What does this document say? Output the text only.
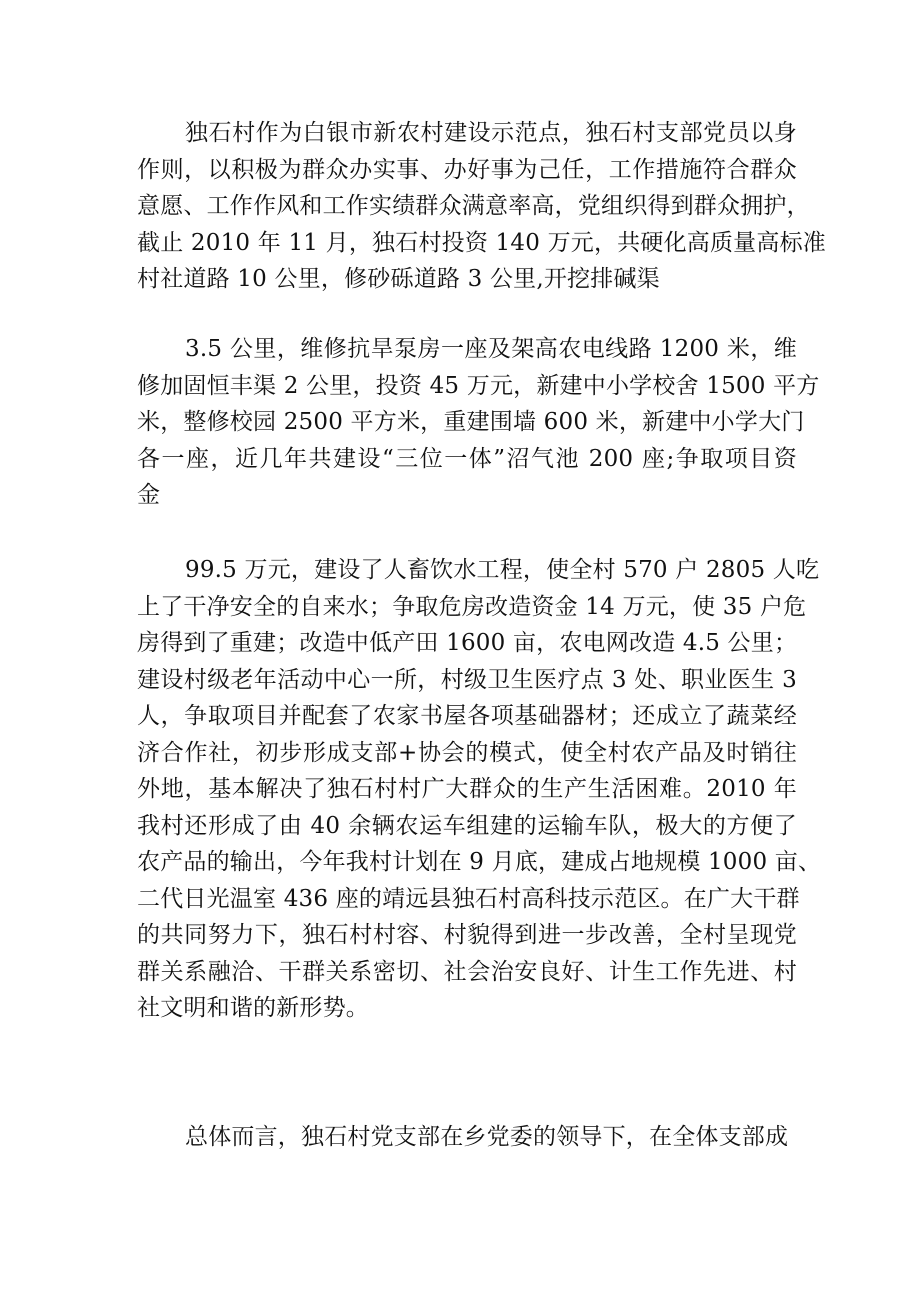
独石村作为白银市新农村建设示范点，独石村支部党员以身
作则，以积极为群众办实事、办好事为己任，工作措施符合群众
意愿、工作作风和工作实绩群众满意率高，党组织得到群众拥护，
截止 2010 年 11 月，独石村投资 140 万元，共硬化高质量高标准
村社道路 10 公里，修砂砾道路 3 公里,开挖排碱渠
3.5 公里，维修抗旱泵房一座及架高农电线路 1200 米，维
修加固恒丰渠 2 公里，投资 45 万元，新建中小学校舍 1500 平方
米，整修校园 2500 平方米，重建围墙 600 米，新建中小学大门
各一座，近几年共建设“三位一体”沼气池 200 座;争取项目资
金
99.5 万元，建设了人畜饮水工程，使全村 570 户 2805 人吃
上了干净安全的自来水；争取危房改造资金 14 万元，使 35 户危
房得到了重建；改造中低产田 1600 亩，农电网改造 4.5 公里；
建设村级老年活动中心一所，村级卫生医疗点 3 处、职业医生 3
人，争取项目并配套了农家书屋各项基础器材；还成立了蔬菜经
济合作社，初步形成支部+协会的模式，使全村农产品及时销往
外地，基本解决了独石村村广大群众的生产生活困难。2010 年
我村还形成了由 40 余辆农运车组建的运输车队，极大的方便了
农产品的输出，今年我村计划在 9 月底，建成占地规模 1000 亩、
二代日光温室 436 座的靖远县独石村高科技示范区。在广大干群
的共同努力下，独石村村容、村貌得到进一步改善，全村呈现党
群关系融洽、干群关系密切、社会治安良好、计生工作先进、村
社文明和谐的新形势。
总体而言，独石村党支部在乡党委的领导下，在全体支部成
